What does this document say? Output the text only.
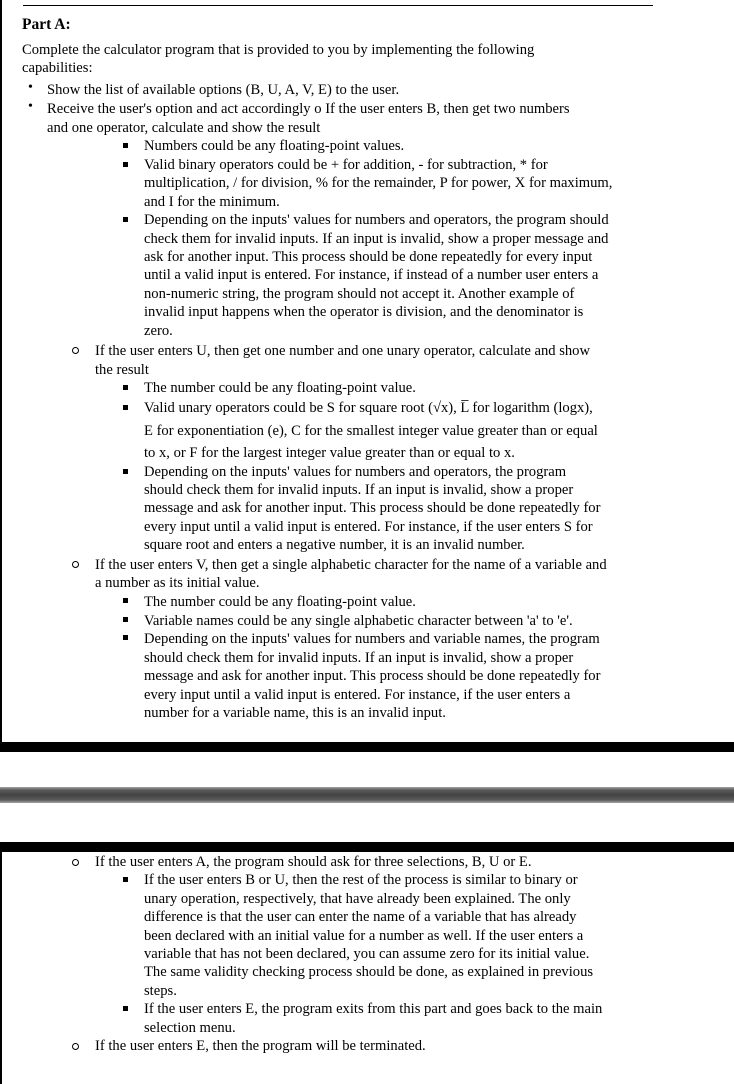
Part A:
Complete the calculator program that is provided to you by implementing the following
capabilities:
• Show the list of available options (B, U, A, V, E) to the user.
• Receive the user's option and act accordingly o If the user enters B, then get two numbers
and one operator, calculate and show the result
Numbers could be any floating-point values.
Valid binary operators could be + for addition, - for subtraction, * for
multiplication, / for division, % for the remainder, P for power, X for maximum,
and I for the minimum.
Depending on the inputs' values for numbers and operators, the program should
check them for invalid inputs. If an input is invalid, show a proper message and
ask for another input. This process should be done repeatedly for every input
until a valid input is entered. For instance, if instead of a number user enters a
non-numeric string, the program should not accept it. Another example of
invalid input happens when the operator is division, and the denominator is
zero.
If the user enters U, then get one number and one unary operator, calculate and show
the result
The number could be any floating-point value.
Valid unary operators could be S for square root (√x), L̅ for logarithm (logx),
E for exponentiation (e), C for the smallest integer value greater than or equal
to x, or F for the largest integer value greater than or equal to x.
Depending on the inputs' values for numbers and operators, the program
should check them for invalid inputs. If an input is invalid, show a proper
message and ask for another input. This process should be done repeatedly for
every input until a valid input is entered. For instance, if the user enters S for
square root and enters a negative number, it is an invalid number.
If the user enters V, then get a single alphabetic character for the name of a variable and
a number as its initial value.
The number could be any floating-point value.
Variable names could be any single alphabetic character between 'a' to 'e'.
Depending on the inputs' values for numbers and variable names, the program
should check them for invalid inputs. If an input is invalid, show a proper
message and ask for another input. This process should be done repeatedly for
every input until a valid input is entered. For instance, if the user enters a
number for a variable name, this is an invalid input.
If the user enters A, the program should ask for three selections, B, U or E.
If the user enters B or U, then the rest of the process is similar to binary or
unary operation, respectively, that have already been explained. The only
difference is that the user can enter the name of a variable that has already
been declared with an initial value for a number as well. If the user enters a
variable that has not been declared, you can assume zero for its initial value.
The same validity checking process should be done, as explained in previous
steps.
If the user enters E, the program exits from this part and goes back to the main
selection menu.
If the user enters E, then the program will be terminated.
